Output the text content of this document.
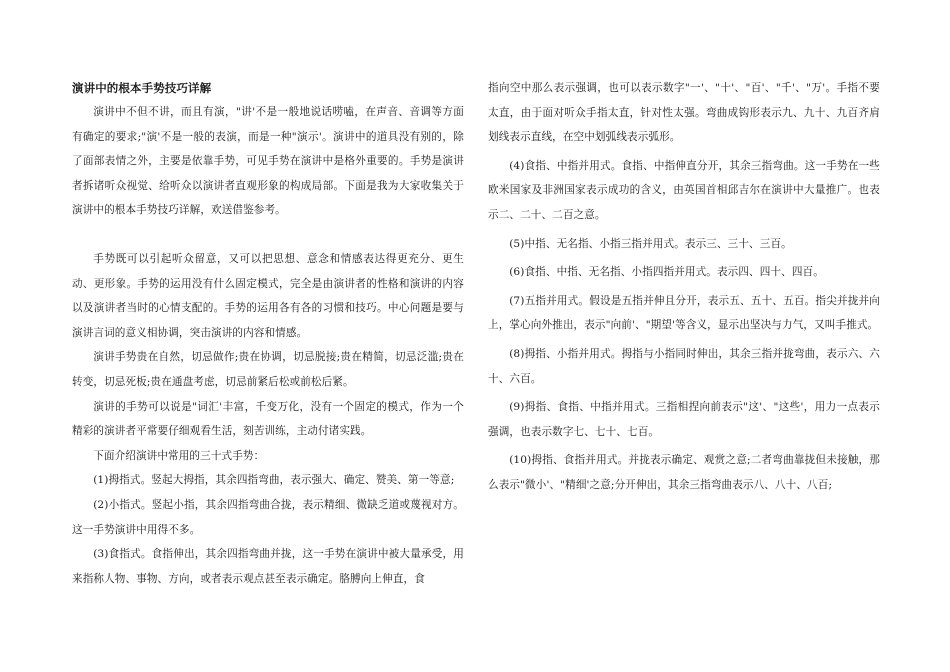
演讲中的根本手势技巧详解

演讲中不但不讲，而且有演，"讲'不是一般地说话唠嗑，在声音、音调等方面有确定的要求;"演'不是一般的表演，而是一种"演示'。演讲中的道具没有别的，除了面部表情之外，主要是依靠手势，可见手势在演讲中是格外重要的。手势是演讲者拆诸听众视觉、给听众以演讲者直观形象的构成局部。下面是我为大家收集关于演讲中的根本手势技巧详解，欢送借鉴参考。

手势既可以引起听众留意，又可以把思想、意念和情感表达得更充分、更生动、更形象。手势的运用没有什么固定模式，完全是由演讲者的性格和演讲的内容以及演讲者当时的心情支配的。手势的运用各有各的习惯和技巧。中心问题是要与演讲言词的意义相协调，突击演讲的内容和情感。

演讲手势贵在自然，切忌做作;贵在协调，切忌脱接;贵在精简，切忌泛滥;贵在转变，切忌死板;贵在通盘考虑，切忌前紧后松或前松后紧。

演讲的手势可以说是"词汇'丰富，千变万化，没有一个固定的模式，作为一个精彩的演讲者平常要仔细观看生活，刻苦训练，主动付诸实践。

下面介绍演讲中常用的三十式手势：

(1)拇指式。竖起大拇指，其余四指弯曲，表示强大、确定、赞美、第一等意;

(2)小指式。竖起小指，其余四指弯曲合拢，表示精细、微缺乏道或蔑视对方。这一手势演讲中用得不多。

(3)食指式。食指伸出，其余四指弯曲并拢，这一手势在演讲中被大量承受，用来指称人物、事物、方向，或者表示观点甚至表示确定。胳膊向上伸直，食

指向空中那么表示强调，也可以表示数字"一'、"十'、"百'、"千'、"万'。手指不要太直，由于面对听众手指太直，针对性太强。弯曲成钩形表示九、九十、九百齐肩划线表示直线，在空中划弧线表示弧形。

(4)食指、中指并用式。食指、中指伸直分开，其余三指弯曲。这一手势在一些欧米国家及非洲国家表示成功的含义，由英国首相邱吉尔在演讲中大量推广。也表示二、二十、二百之意。

(5)中指、无名指、小指三指并用式。表示三、三十、三百。

(6)食指、中指、无名指、小指四指并用式。表示四、四十、四百。

(7)五指并用式。假设是五指并伸且分开，表示五、五十、五百。指尖并拢并向上，掌心向外推出，表示"向前'、"期望'等含义，显示出坚决与力气，又叫手推式。

(8)拇指、小指并用式。拇指与小指同时伸出，其余三指并拢弯曲，表示六、六十、六百。

(9)拇指、食指、中指并用式。三指相捏向前表示"这'、"这些'，用力一点表示强调，也表示数字七、七十、七百。

(10)拇指、食指并用式。并拢表示确定、观赏之意;二者弯曲靠拢但未接触，那么表示"微小'、"精细'之意;分开伸出，其余三指弯曲表示八、八十、八百;
